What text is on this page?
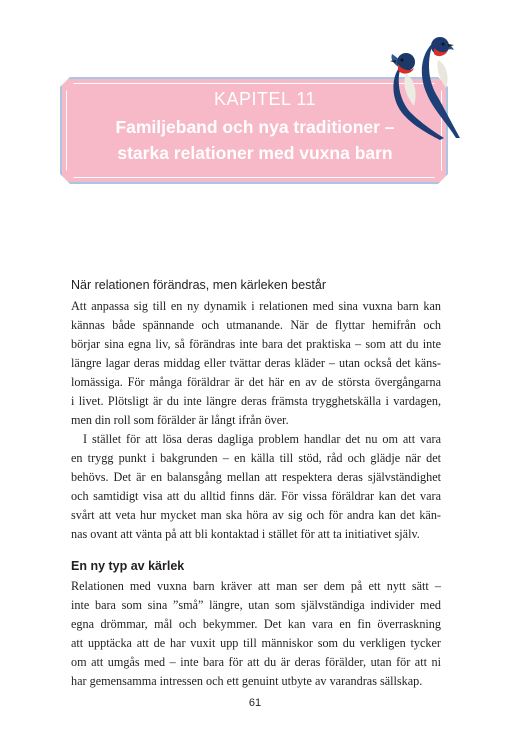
KAPITEL 11
Familjeband och nya traditioner –
starka relationer med vuxna barn
När relationen förändras, men kärleken består
Att anpassa sig till en ny dynamik i relationen med sina vuxna barn kan
kännas både spännande och utmanande. När de flyttar hemifrån och
börjar sina egna liv, så förändras inte bara det praktiska – som att du inte
längre lagar deras middag eller tvättar deras kläder – utan också det käns-
lomässiga. För många föräldrar är det här en av de största övergångarna
i livet. Plötsligt är du inte längre deras främsta trygghetskälla i vardagen,
men din roll som förälder är långt ifrån över.
I stället för att lösa deras dagliga problem handlar det nu om att vara
en trygg punkt i bakgrunden – en källa till stöd, råd och glädje när det
behövs. Det är en balansgång mellan att respektera deras självständighet
och samtidigt visa att du alltid finns där. För vissa föräldrar kan det vara
svårt att veta hur mycket man ska höra av sig och för andra kan det kän-
nas ovant att vänta på att bli kontaktad i stället för att ta initiativet själv.
En ny typ av kärlek
Relationen med vuxna barn kräver att man ser dem på ett nytt sätt –
inte bara som sina ”små” längre, utan som självständiga individer med
egna drömmar, mål och bekymmer. Det kan vara en fin överraskning
att upptäcka att de har vuxit upp till människor som du verkligen tycker
om att umgås med – inte bara för att du är deras förälder, utan för att ni
har gemensamma intressen och ett genuint utbyte av varandras sällskap.
61
